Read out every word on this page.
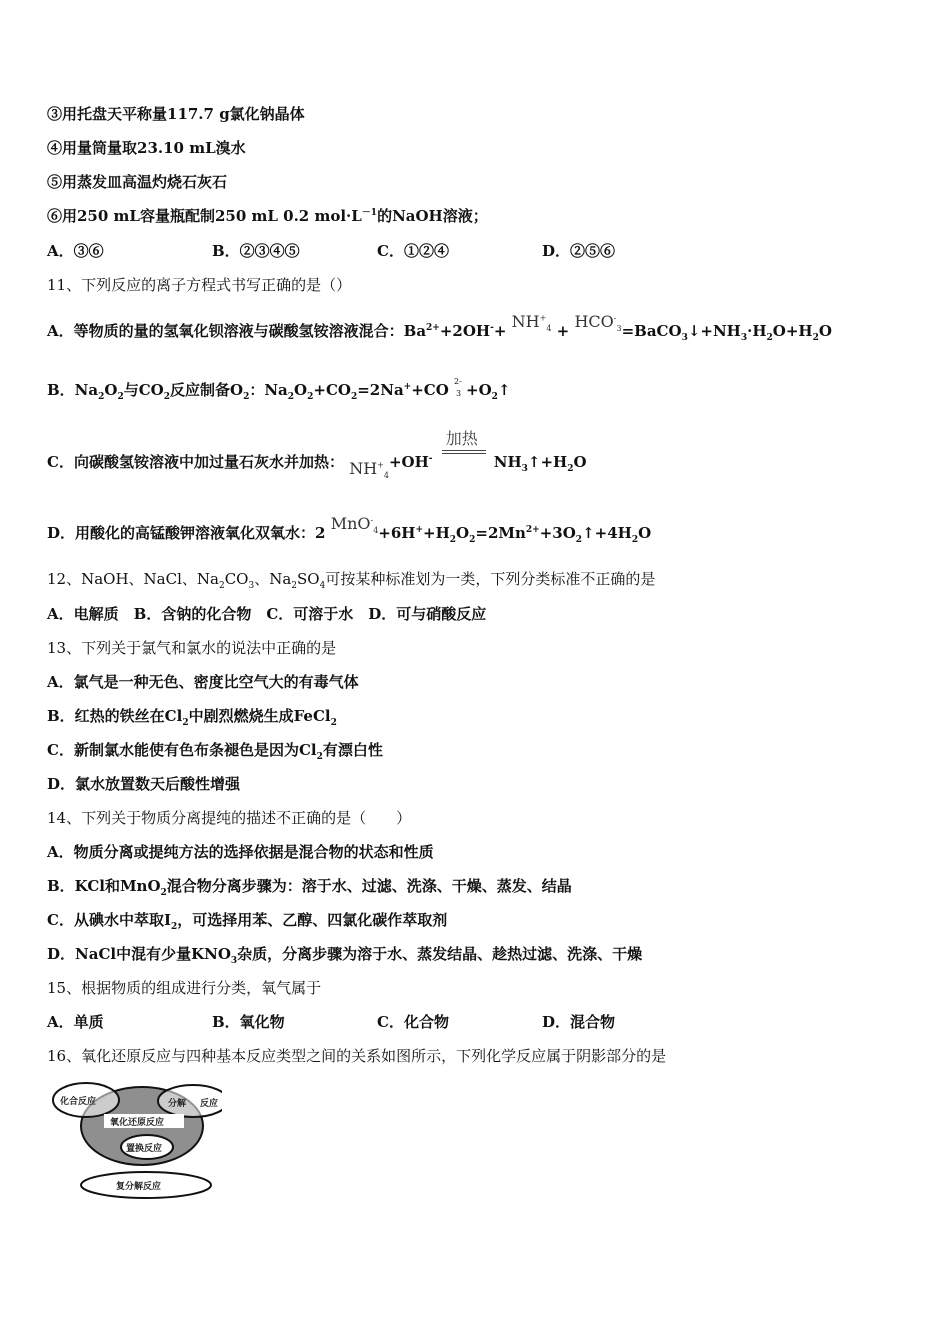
③用托盘天平称量117.7 g氯化钠晶体
④用量筒量取23.10 mL溴水
⑤用蒸发皿高温灼烧石灰石
⑥用250 mL容量瓶配制250 mL 0.2 $mol\cdot L^{-1}$的NaOH溶液；
A．③⑥	B．②③④⑤	C．①②④	D．②⑤⑥
11、下列反应的离子方程式书写正确的是（）
A．等物质的量的氢氧化钡溶液与碳酸氢铵溶液混合：$Ba^{2+}+2OH^-+ NH^+_4$ + $HCO^-_3=BaCO_3↓+NH_3\cdot H_2O+H_2O$
B．$Na_2O_2$与$CO_2$反应制备$O_2$：$Na_2O_2+CO_2=2Na^++CO$ 2-
$3 +O_2↑$
C．向碳酸氢铵溶液中加过量石灰水并加热： $NH^+_4+OH^-$
加热
$NH_3↑+H_2O$
D．用酸化的高锰酸钾溶液氧化双氧水：2 $MnO^-_4+6H^++H_2O_2=2Mn^{2+}+3O_2↑+4H_2O$
12、NaOH、NaCl、$Na_2CO_3$、$Na_2SO_4$可按某种标准划为一类，下列分类标准不正确的是
A．电解质　B．含钠的化合物　C．可溶于水　D．可与硝酸反应
13、下列关于氯气和氯水的说法中正确的是
A．氯气是一种无色、密度比空气大的有毒气体
B．红热的铁丝在$Cl_2$中剧烈燃烧生成FeCl$_2$
C．新制氯水能使有色布条褪色是因为$Cl_2$有漂白性
D．氯水放置数天后酸性增强
14、下列关于物质分离提纯的描述不正确的是（　　）
A．物质分离或提纯方法的选择依据是混合物的状态和性质
B．KCl和MnO$_2$混合物分离步骤为：溶于水、过滤、洗涤、干燥、蒸发、结晶
C．从碘水中萃取$I_2$，可选择用苯、乙醇、四氯化碳作萃取剂
D．NaCl中混有少量$KNO_3$杂质，分离步骤为溶于水、蒸发结晶、趁热过滤、洗涤、干燥
15、根据物质的组成进行分类，氧气属于
A．单质	B．氧化物	C．化合物	D．混合物
16、氧化还原反应与四种基本反应类型之间的关系如图所示，下列化学反应属于阴影部分的是
化合反应	分解 反应
氧化还原反应
置换反应
复分解反应
